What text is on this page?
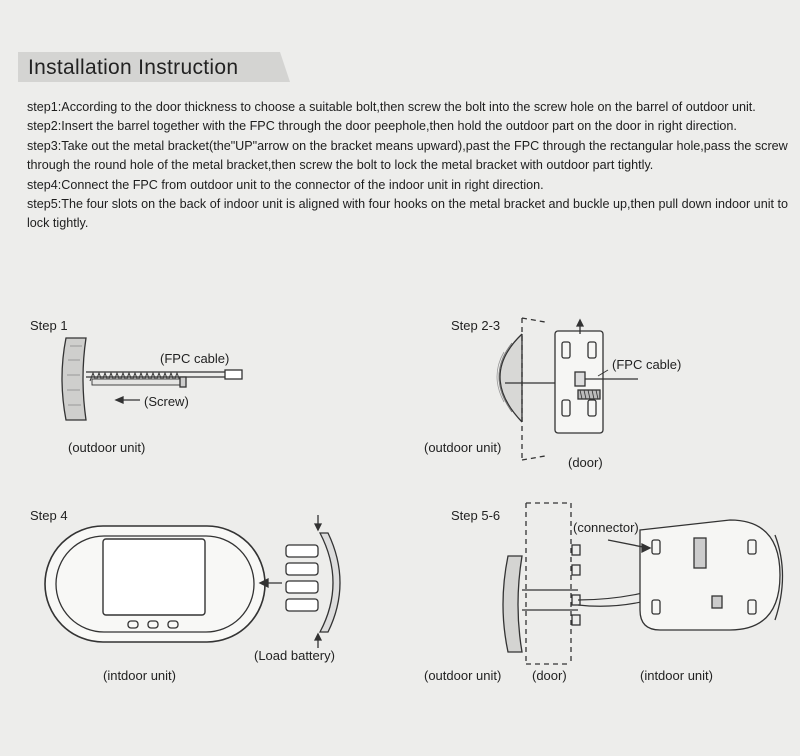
Installation Instruction

step1:According to the door thickness to choose a suitable bolt,then screw the bolt into the screw hole on the barrel of outdoor unit.

step2:Insert the barrel together with the FPC through the door peephole,then hold the outdoor part on the door in right direction.

step3:Take out the metal bracket(the"UP"arrow on the bracket means upward),past the FPC through the rectangular hole,pass the screw through the round hole of the metal bracket,then screw the bolt to lock the metal bracket with outdoor part tightly.

step4:Connect the FPC from outdoor unit to the connector of the indoor unit in right direction.

step5:The four slots on the back of indoor unit is aligned with four hooks on the metal bracket and buckle up,then pull down indoor unit to lock tightly.

Step 1
(FPC cable)
(Screw)
(outdoor unit)
Step 2-3
(FPC cable)
(outdoor unit)
(door)
Step 4
(Load battery)
(intdoor unit)
Step 5-6
(connector)
(outdoor unit) (door)	(intdoor unit)
